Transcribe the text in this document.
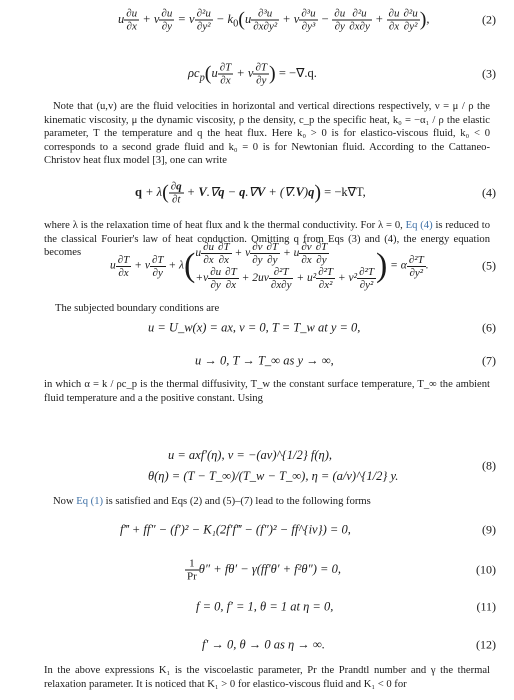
u $\frac{\partial u}{\partial x} + v \frac{\partial u}{\partial y} = \nu \frac{\text{∂²u}}{\text{∂y²}} - k_0(u \frac{\text{∂³u}}{\text{∂x∂y²}} + v \frac{\text{∂³u}}{\text{∂y³}} - \frac{\partial u}{\partial y} \frac{\text{∂²u}}{\partial x\partial y} + \frac{\partial u}{\partial x} \frac{\text{∂²u}}{\text{∂y²}}$ ),	(2)
$\rho c_p(u \frac{\partial T}{\partial x} + v \frac{\partial T}{\partial y}$ ) = −∇.q.	(3)
Note that (u,v) are the fluid velocities in horizontal and vertical directions respectively, ν = μ / ρ the kinematic viscosity, μ the dynamic viscosity, ρ the density, c_p the specific heat, k₀ = −α₁ / ρ the elastic parameter, T the temperature and q the heat flux. Here k₀ > 0 is for elastico-viscous fluid, k₀ < 0 corresponds to a second grade fluid and k₀ = 0 is for Newtonian fluid. According to the Cattaneo-Christov heat flux model [3], one can write
$q + \lambda( \frac{\partial q}{\partial t} + V.\nabla q - q.\nabla V + (\nabla.V)q) = -k\nabla T$,	(4)
where λ is the relaxation time of heat flux and k the thermal conductivity. For λ = 0, Eq (4) is reduced to the classical Fourier's law of heat conduction. Omitting q from Eqs (3) and (4), the energy equation becomes
u $\frac{\partial T}{\partial x} + v \frac{\partial T}{\partial y} + \lambda(u \frac{\partial u}{\partial x} \frac{\partial T}{\partial x} + v \frac{\partial v}{\partial y} \frac{\partial T}{\partial y} + u \frac{\partial v}{\partial x} \frac{\partial T}{\partial y}$

$+v \frac{\partial u}{\partial y} \frac{\partial T}{\partial x} + 2uv \frac{\text{∂²T}}{\partial x\partial y} + u^2 \frac{\text{∂²T}}{\text{∂x²}} + v^2 \frac{\text{∂²T}}{\text{∂y²}}$ ) = α $\frac{\text{∂²T}}{\text{∂y²}}$ .	(5)
The subjected boundary conditions are
u = U_w(x) = ax, v = 0, T = T_w at y = 0,	(6)
u → 0, T → T_∞ as y → ∞,	(7)
in which α = k / ρc_p is the thermal diffusivity, T_w the constant surface temperature, T_∞ the ambient fluid temperature and a the positive constant. Using
u = axf′(η), v = −(aν)^{1/2} f(η),
θ(η) = (T − T_∞)/(T_w − T_∞), η = (a/ν)^{1/2} y.
(8)
Now Eq (1) is satisfied and Eqs (2) and (5)–(7) lead to the following forms
f‴ + ff″ − (f′)² − K₁(2f′f‴ − (f″)² − ff^{iv}) = 0,	(9)
$\frac{1}{Pr} \theta'' + f\theta' - \gamma(ff'\theta' + f^2\theta'') = 0$,	(10)
f = 0, f′ = 1, θ = 1 at η = 0,	(11)
f′ → 0, θ → 0 as η → ∞.	(12)
In the above expressions K₁ is the viscoelastic parameter, Pr the Prandtl number and γ the thermal relaxation parameter. It is noticed that K₁ > 0 for elastico-viscous fluid and K₁ < 0 for
